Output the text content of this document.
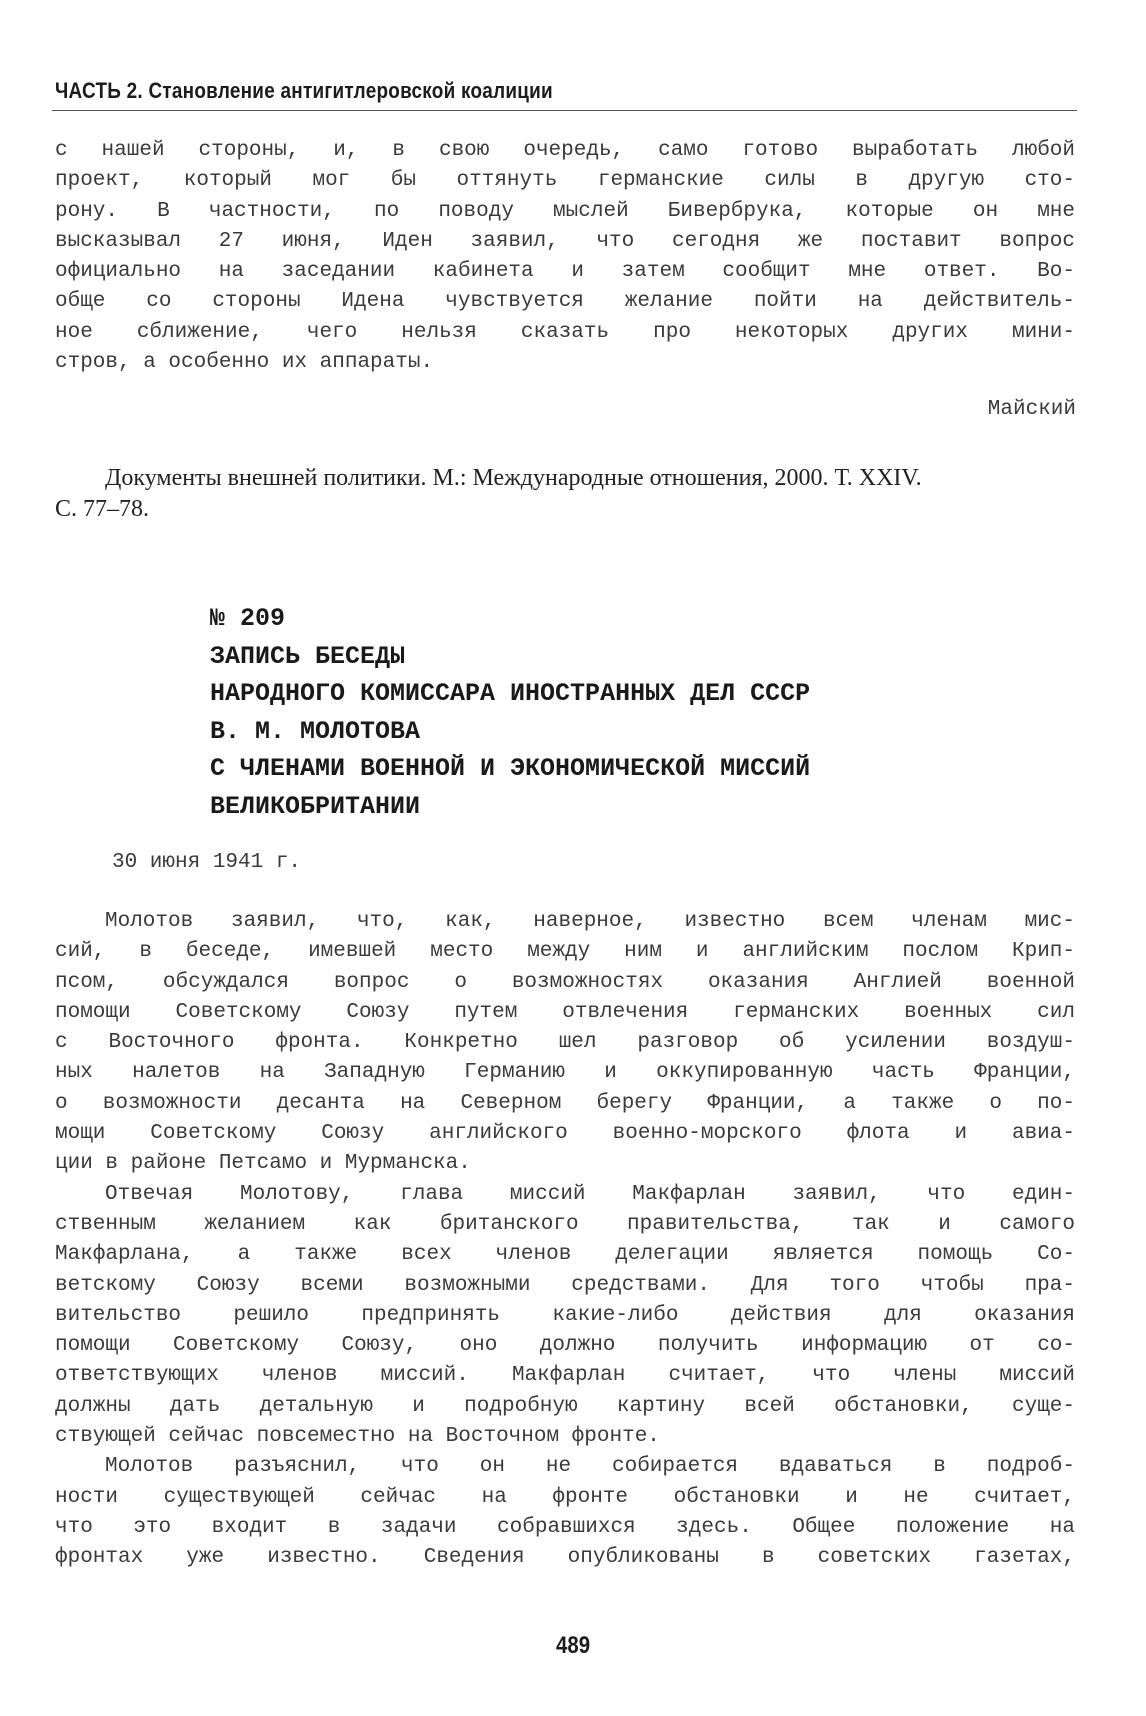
ЧАСТЬ 2. Становление антигитлеровской коалиции
с нашей стороны, и, в свою очередь, само готово выработать любой
проект, который мог бы оттянуть германские силы в другую сто-
рону. В частности, по поводу мыслей Бивербрука, которые он мне
высказывал 27 июня, Иден заявил, что сегодня же поставит вопрос
официально на заседании кабинета и затем сообщит мне ответ. Во-
обще со стороны Идена чувствуется желание пойти на действитель-
ное сближение, чего нельзя сказать про некоторых других мини-
стров, а особенно их аппараты.
Майский
Документы внешней политики. М.: Международные отношения, 2000. Т. XXIV.
С. 77–78.
№ 209
ЗАПИСЬ БЕСЕДЫ
НАРОДНОГО КОМИССАРА ИНОСТРАННЫХ ДЕЛ СССР
В. М. МОЛОТОВА
С ЧЛЕНАМИ ВОЕННОЙ И ЭКОНОМИЧЕСКОЙ МИССИЙ
ВЕЛИКОБРИТАНИИ
30 июня 1941 г.
Молотов заявил, что, как, наверное, известно всем членам мис-
сий, в беседе, имевшей место между ним и английским послом Крип-
псом, обсуждался вопрос о возможностях оказания Англией военной
помощи Советскому Союзу путем отвлечения германских военных сил
с Восточного фронта. Конкретно шел разговор об усилении воздуш-
ных налетов на Западную Германию и оккупированную часть Франции,
о возможности десанта на Северном берегу Франции, а также о по-
мощи Советскому Союзу английского военно-морского флота и авиа-
ции в районе Петсамо и Мурманска.
Отвечая Молотову, глава миссий Макфарлан заявил, что един-
ственным желанием как британского правительства, так и самого
Макфарлана, а также всех членов делегации является помощь Со-
ветскому Союзу всеми возможными средствами. Для того чтобы пра-
вительство решило предпринять какие-либо действия для оказания
помощи Советскому Союзу, оно должно получить информацию от со-
ответствующих членов миссий. Макфарлан считает, что члены миссий
должны дать детальную и подробную картину всей обстановки, суще-
ствующей сейчас повсеместно на Восточном фронте.
Молотов разъяснил, что он не собирается вдаваться в подроб-
ности существующей сейчас на фронте обстановки и не считает,
что это входит в задачи собравшихся здесь. Общее положение на
фронтах уже известно. Сведения опубликованы в советских газетах,
489
